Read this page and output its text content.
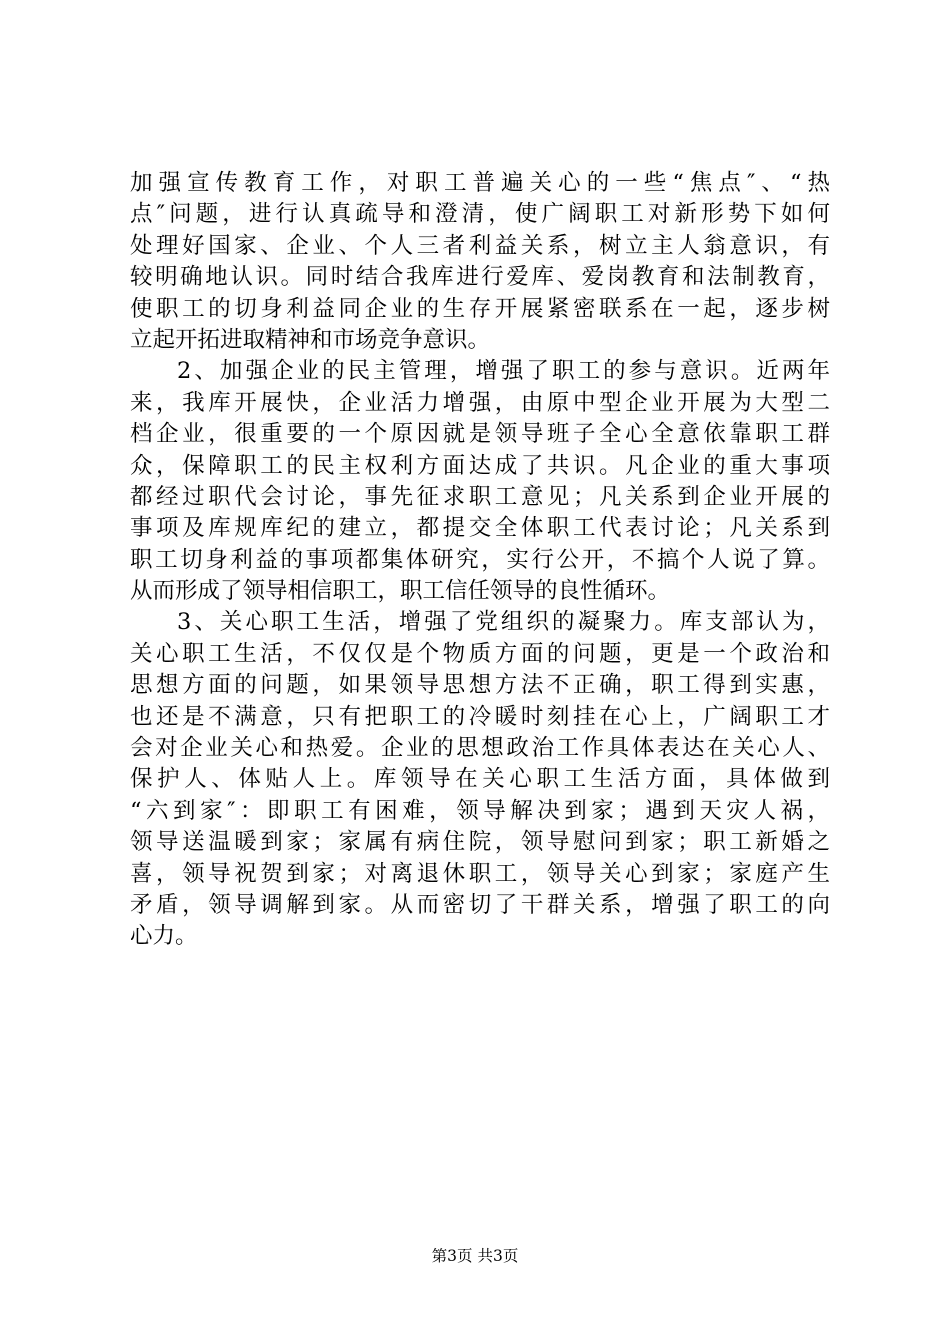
加强宣传教育工作，对职工普遍关心的一些“焦点″、“热
点″问题，进行认真疏导和澄清，使广阔职工对新形势下如何
处理好国家、企业、个人三者利益关系，树立主人翁意识，有
较明确地认识。同时结合我库进行爱库、爱岗教育和法制教育，
使职工的切身利益同企业的生存开展紧密联系在一起，逐步树
立起开拓进取精神和市场竞争意识。
2、加强企业的民主管理，增强了职工的参与意识。近两年
来，我库开展快，企业活力增强，由原中型企业开展为大型二
档企业，很重要的一个原因就是领导班子全心全意依靠职工群
众，保障职工的民主权利方面达成了共识。凡企业的重大事项
都经过职代会讨论，事先征求职工意见；凡关系到企业开展的
事项及库规库纪的建立，都提交全体职工代表讨论；凡关系到
职工切身利益的事项都集体研究，实行公开，不搞个人说了算。
从而形成了领导相信职工，职工信任领导的良性循环。
3、关心职工生活，增强了党组织的凝聚力。库支部认为，
关心职工生活，不仅仅是个物质方面的问题，更是一个政治和
思想方面的问题，如果领导思想方法不正确，职工得到实惠，
也还是不满意，只有把职工的冷暖时刻挂在心上，广阔职工才
会对企业关心和热爱。企业的思想政治工作具体表达在关心人、
保护人、体贴人上。库领导在关心职工生活方面，具体做到
“六到家″：即职工有困难，领导解决到家；遇到天灾人祸，
领导送温暖到家；家属有病住院，领导慰问到家；职工新婚之
喜，领导祝贺到家；对离退休职工，领导关心到家；家庭产生
矛盾，领导调解到家。从而密切了干群关系，增强了职工的向
心力。
第3页 共3页
